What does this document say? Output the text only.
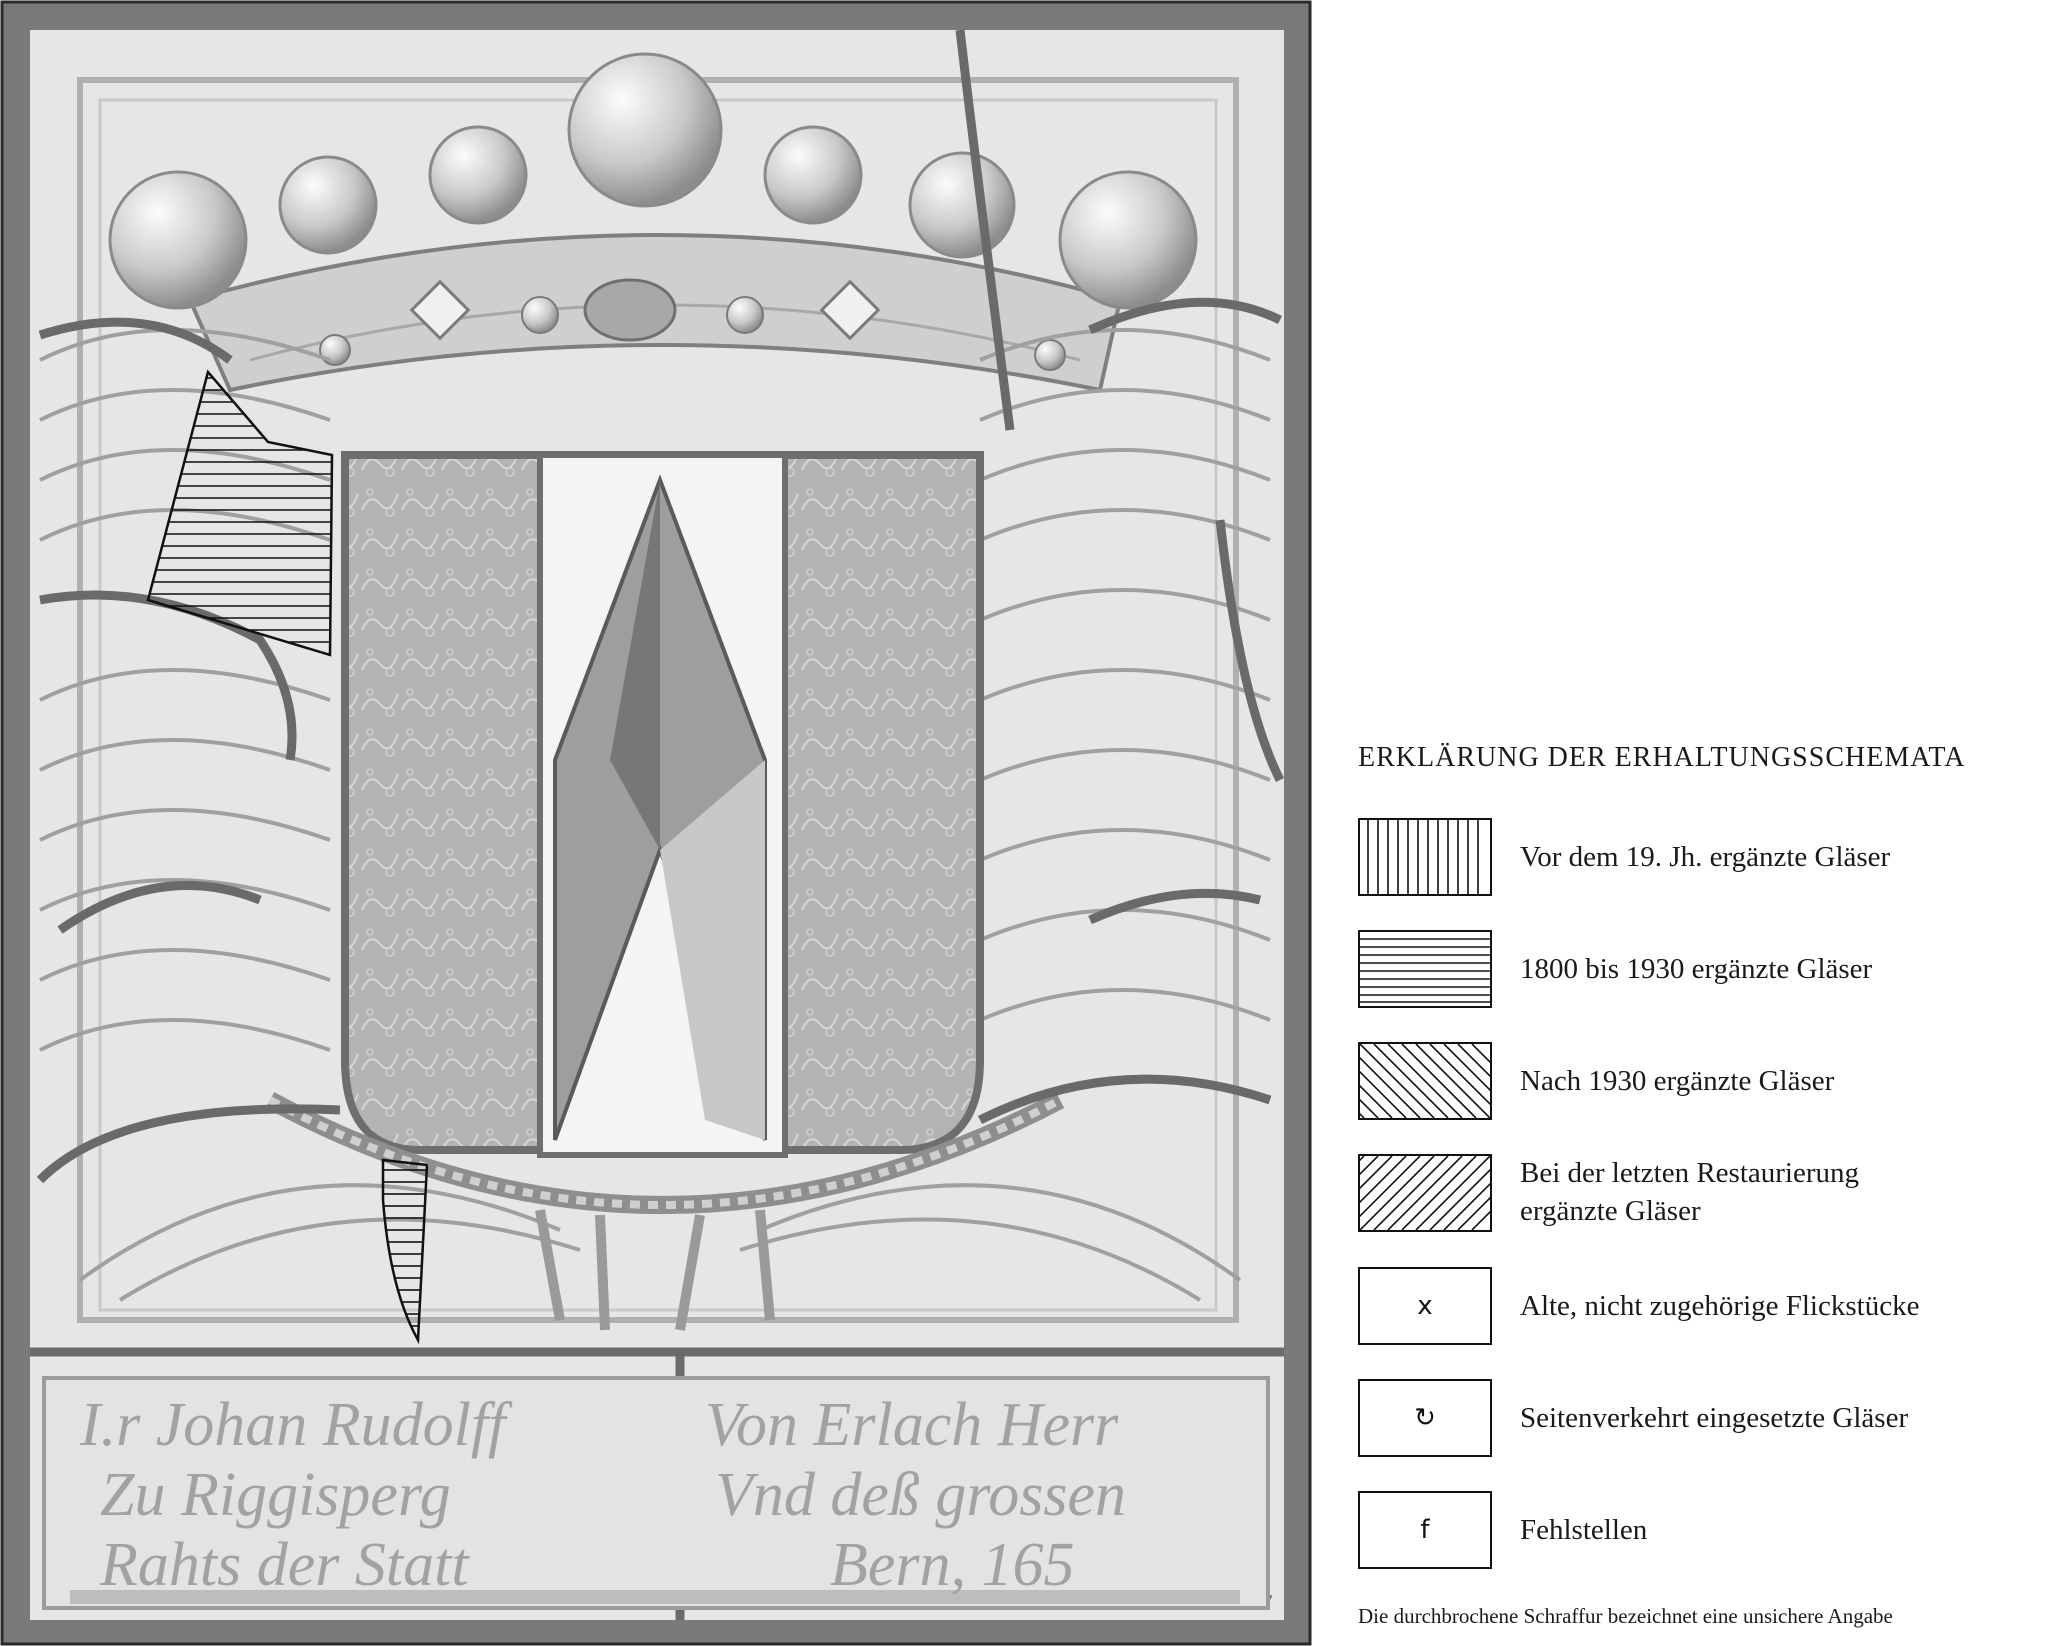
I.r Johan Rudolff
Zu Riggisperg
Rahts der Statt
Von Erlach Herr
Vnd deß grossen
Bern, 165
ERKLÄRUNG DER ERHALTUNGSSCHEMATA
Vor dem 19. Jh. ergänzte Gläser
1800 bis 1930 ergänzte Gläser
Nach 1930 ergänzte Gläser
Bei der letzten Restaurierung
ergänzte Gläser
x	Alte, nicht zugehörige Flickstücke
↻	Seitenverkehrt eingesetzte Gläser
f	Fehlstellen
Die durchbrochene Schraffur bezeichnet eine unsichere Angabe
